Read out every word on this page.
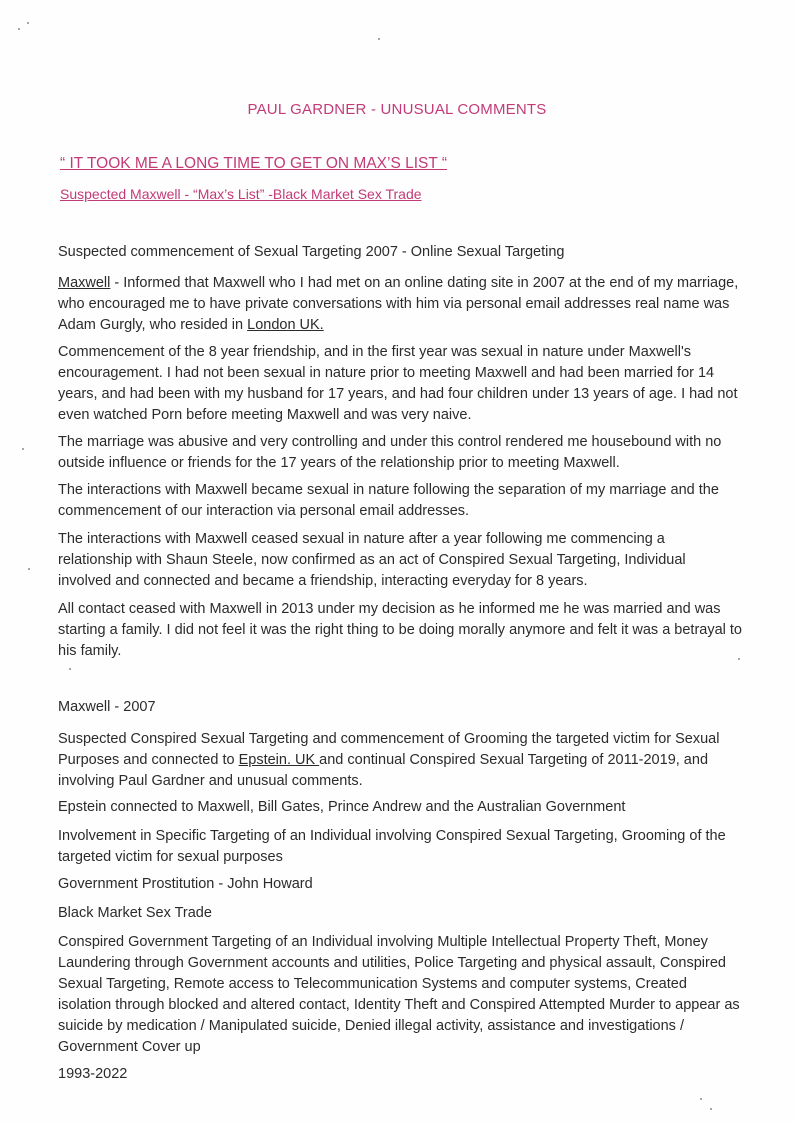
PAUL GARDNER - UNUSUAL COMMENTS
“ IT TOOK ME A LONG TIME TO GET ON MAX’S LIST “
Suspected Maxwell - “Max’s List” -Black Market Sex Trade

Suspected commencement of Sexual Targeting 2007 - Online Sexual Targeting

Maxwell - Informed that Maxwell who I had met on an online dating site in 2007 at the end of my marriage, who encouraged me to have private conversations with him via personal email addresses real name was Adam Gurgly, who resided in London UK.

Commencement of the 8 year friendship, and in the first year was sexual in nature under Maxwell's encouragement. I had not been sexual in nature prior to meeting Maxwell and had been married for 14 years, and had been with my husband for 17 years, and had four children under 13 years of age. I had not even watched Porn before meeting Maxwell and was very naive.

The marriage was abusive and very controlling and under this control rendered me housebound with no outside influence or friends for the 17 years of the relationship prior to meeting Maxwell.

The interactions with Maxwell became sexual in nature following the separation of my marriage and the commencement of our interaction via personal email addresses.

The interactions with Maxwell ceased sexual in nature after a year following me commencing a relationship with Shaun Steele, now confirmed as an act of Conspired Sexual Targeting, Individual involved and connected and became a friendship, interacting everyday for 8 years.

All contact ceased with Maxwell in 2013 under my decision as he informed me he was married and was starting a family. I did not feel it was the right thing to be doing morally anymore and felt it was a betrayal to his family.

Maxwell - 2007

Suspected Conspired Sexual Targeting and commencement of Grooming the targeted victim for Sexual Purposes and connected to Epstein. UK and continual Conspired Sexual Targeting of 2011-2019, and involving Paul Gardner and unusual comments.

Epstein connected to Maxwell, Bill Gates, Prince Andrew and the Australian Government

Involvement in Specific Targeting of an Individual involving Conspired Sexual Targeting, Grooming of the targeted victim for sexual purposes

Government Prostitution - John Howard

Black Market Sex Trade

Conspired Government Targeting of an Individual involving Multiple Intellectual Property Theft, Money Laundering through Government accounts and utilities, Police Targeting and physical assault, Conspired Sexual Targeting, Remote access to Telecommunication Systems and computer systems, Created isolation through blocked and altered contact, Identity Theft and Conspired Attempted Murder to appear as suicide by medication / Manipulated suicide, Denied illegal activity, assistance and investigations / Government Cover up

1993-2022
